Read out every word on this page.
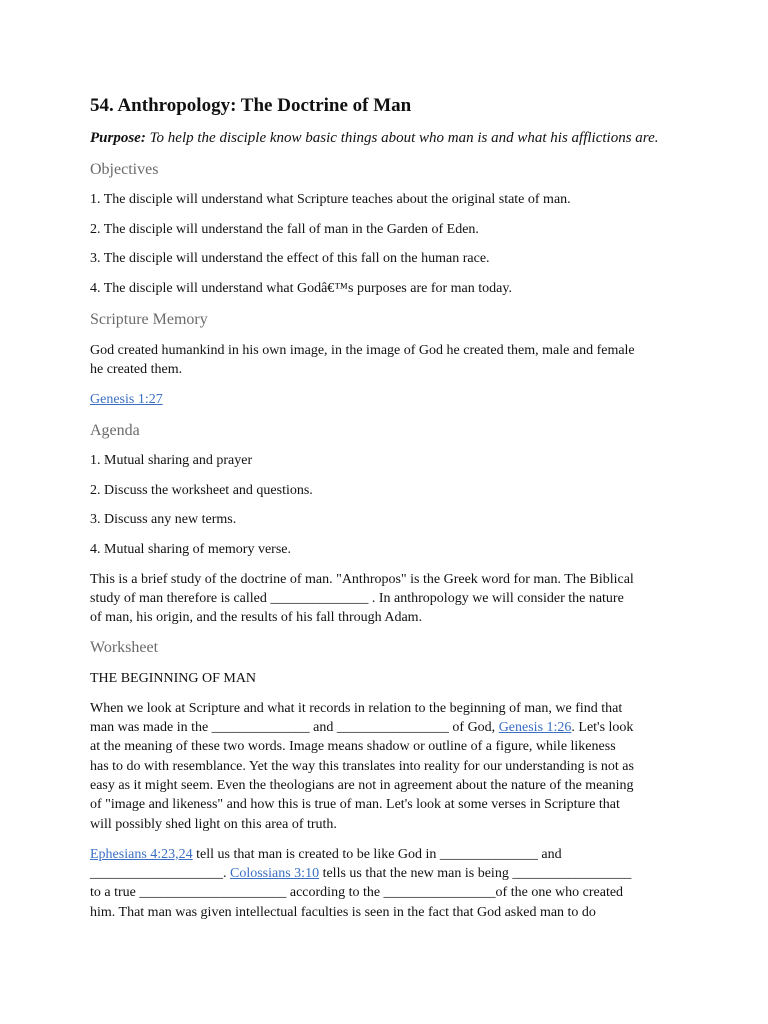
54. Anthropology: The Doctrine of Man

Purpose: To help the disciple know basic things about who man is and what his afflictions are.

Objectives

1. The disciple will understand what Scripture teaches about the original state of man.

2. The disciple will understand the fall of man in the Garden of Eden.

3. The disciple will understand the effect of this fall on the human race.

4. The disciple will understand what Godâ€™s purposes are for man today.

Scripture Memory

God created humankind in his own image, in the image of God he created them, male and female

he created them.

Genesis 1:27

Agenda

1. Mutual sharing and prayer

2. Discuss the worksheet and questions.

3. Discuss any new terms.

4. Mutual sharing of memory verse.

This is a brief study of the doctrine of man. "Anthropos" is the Greek word for man. The Biblical

study of man therefore is called ______________ . In anthropology we will consider the nature

of man, his origin, and the results of his fall through Adam.

Worksheet

THE BEGINNING OF MAN

When we look at Scripture and what it records in relation to the beginning of man, we find that

man was made in the ______________ and ________________ of God, Genesis 1:26. Let's look

at the meaning of these two words. Image means shadow or outline of a figure, while likeness

has to do with resemblance. Yet the way this translates into reality for our understanding is not as

easy as it might seem. Even the theologians are not in agreement about the nature of the meaning

of "image and likeness" and how this is true of man. Let's look at some verses in Scripture that

will possibly shed light on this area of truth.

Ephesians 4:23,24 tell us that man is created to be like God in ______________ and

___________________. Colossians 3:10 tells us that the new man is being _________________

to a true _____________________ according to the ________________of the one who created

him. That man was given intellectual faculties is seen in the fact that God asked man to do
